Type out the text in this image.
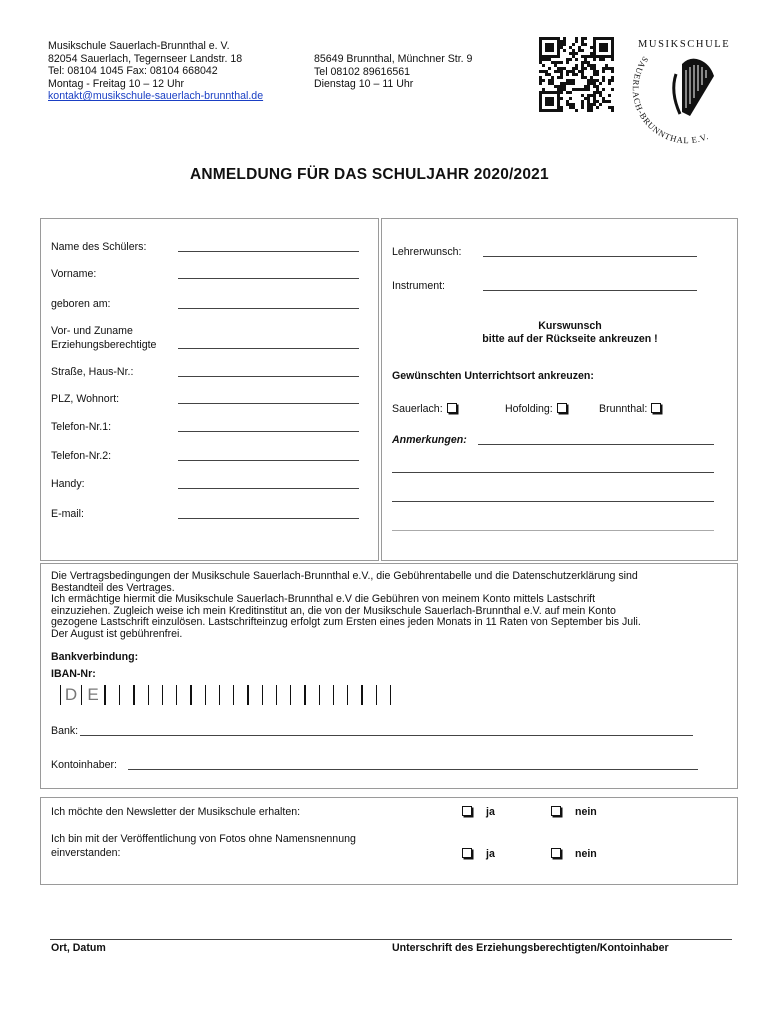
Musikschule Sauerlach-Brunnthal e. V.
82054 Sauerlach, Tegernseer Landstr. 18
Tel: 08104 1045 Fax: 08104 668042
Montag - Freitag 10 – 12 Uhr
kontakt@musikschule-sauerlach-brunnthal.de
85649 Brunnthal, Münchner Str. 9
Tel 08102 89616561
Dienstag 10 – 11 Uhr
MUSIKSCHULE
SAUERLACH-BRUNNTHAL E.V.
ANMELDUNG FÜR DAS SCHULJAHR 2020/2021
Name des Schülers:
Vorname:
geboren am:
Vor- und Zuname
Erziehungsberechtigte
Straße, Haus-Nr.:
PLZ, Wohnort:
Telefon-Nr.1:
Telefon-Nr.2:
Handy:
E-mail:
Lehrerwunsch:
Instrument:
Kurswunsch
bitte auf der Rückseite ankreuzen !
Gewünschten Unterrichtsort ankreuzen:
Sauerlach:	Hofolding:	Brunnthal:
Anmerkungen:
Die Vertragsbedingungen der Musikschule Sauerlach-Brunnthal e.V., die Gebührentabelle und die Datenschutzerklärung sind
Bestandteil des Vertrages.
Ich ermächtige hiermit die Musikschule Sauerlach-Brunnthal e.V die Gebühren von meinem Konto mittels Lastschrift
einzuziehen. Zugleich weise ich mein Kreditinstitut an, die von der Musikschule Sauerlach-Brunnthal e.V. auf mein Konto
gezogene Lastschrift einzulösen. Lastschrifteinzug erfolgt zum Ersten eines jeden Monats in 11 Raten von September bis Juli.
Der August ist gebührenfrei.
Bankverbindung:
IBAN-Nr:
D E
Bank:
Kontoinhaber:
Ich möchte den Newsletter der Musikschule erhalten:	ja	nein
Ich bin mit der Veröffentlichung von Fotos ohne Namensnennung
einverstanden:	ja	nein
Ort, Datum	Unterschrift des Erziehungsberechtigten/Kontoinhaber
